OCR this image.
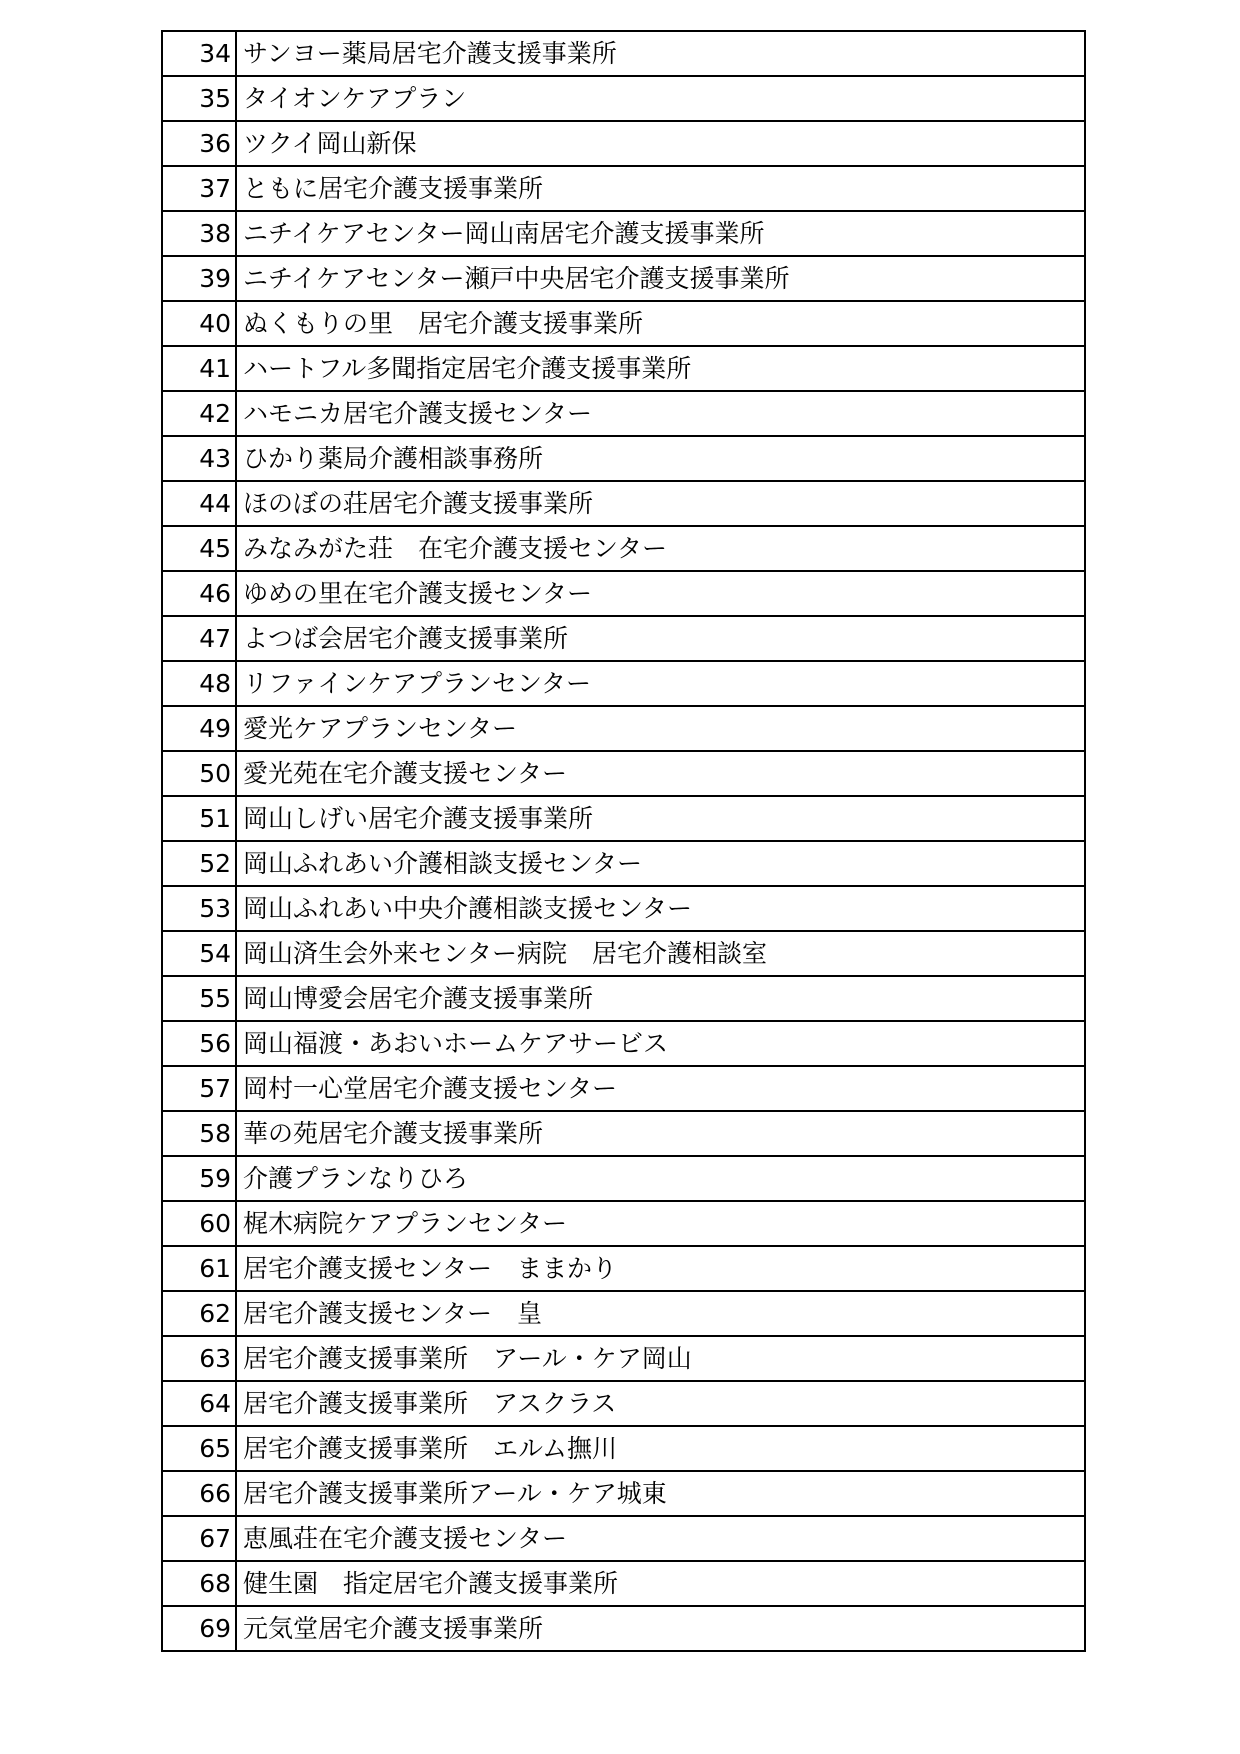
34	サンヨー薬局居宅介護支援事業所
35	タイオンケアプラン
36	ツクイ岡山新保
37	ともに居宅介護支援事業所
38	ニチイケアセンター岡山南居宅介護支援事業所
39	ニチイケアセンター瀬戸中央居宅介護支援事業所
40	ぬくもりの里　居宅介護支援事業所
41	ハートフル多聞指定居宅介護支援事業所
42	ハモニカ居宅介護支援センター
43	ひかり薬局介護相談事務所
44	ほのぼの荘居宅介護支援事業所
45	みなみがた荘　在宅介護支援センター
46	ゆめの里在宅介護支援センター
47	よつば会居宅介護支援事業所
48	リファインケアプランセンター
49	愛光ケアプランセンター
50	愛光苑在宅介護支援センター
51	岡山しげい居宅介護支援事業所
52	岡山ふれあい介護相談支援センター
53	岡山ふれあい中央介護相談支援センター
54	岡山済生会外来センター病院　居宅介護相談室
55	岡山博愛会居宅介護支援事業所
56	岡山福渡・あおいホームケアサービス
57	岡村一心堂居宅介護支援センター
58	華の苑居宅介護支援事業所
59	介護プランなりひろ
60	梶木病院ケアプランセンター
61	居宅介護支援センター　ままかり
62	居宅介護支援センター　皇
63	居宅介護支援事業所　アール・ケア岡山
64	居宅介護支援事業所　アスクラス
65	居宅介護支援事業所　エルム撫川
66	居宅介護支援事業所アール・ケア城東
67	恵風荘在宅介護支援センター
68	健生園　指定居宅介護支援事業所
69	元気堂居宅介護支援事業所
